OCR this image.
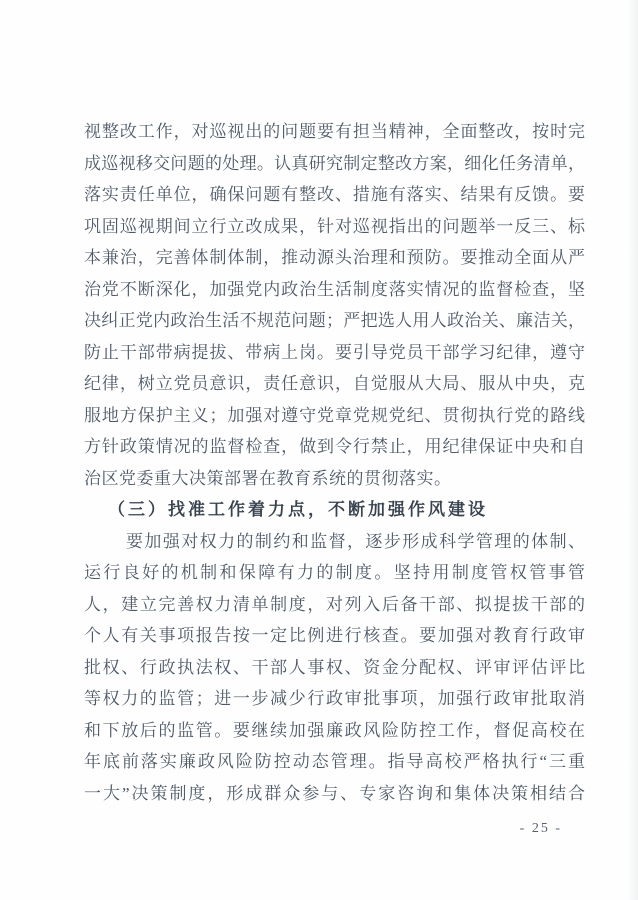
视整改工作，对巡视出的问题要有担当精神，全面整改，按时完
成巡视移交问题的处理。认真研究制定整改方案，细化任务清单，
落实责任单位，确保问题有整改、措施有落实、结果有反馈。要
巩固巡视期间立行立改成果，针对巡视指出的问题举一反三、标
本兼治，完善体制体制，推动源头治理和预防。要推动全面从严
治党不断深化，加强党内政治生活制度落实情况的监督检查，坚
决纠正党内政治生活不规范问题；严把选人用人政治关、廉洁关，
防止干部带病提拔、带病上岗。要引导党员干部学习纪律，遵守
纪律，树立党员意识，责任意识，自觉服从大局、服从中央，克
服地方保护主义；加强对遵守党章党规党纪、贯彻执行党的路线
方针政策情况的监督检查，做到令行禁止，用纪律保证中央和自
治区党委重大决策部署在教育系统的贯彻落实。
（三）找准工作着力点，不断加强作风建设
要加强对权力的制约和监督，逐步形成科学管理的体制、
运行良好的机制和保障有力的制度。坚持用制度管权管事管
人，建立完善权力清单制度，对列入后备干部、拟提拔干部的
个人有关事项报告按一定比例进行核查。要加强对教育行政审
批权、行政执法权、干部人事权、资金分配权、评审评估评比
等权力的监管；进一步减少行政审批事项，加强行政审批取消
和下放后的监管。要继续加强廉政风险防控工作，督促高校在
年底前落实廉政风险防控动态管理。指导高校严格执行“三重
一大”决策制度，形成群众参与、专家咨询和集体决策相结合
- 25 -
